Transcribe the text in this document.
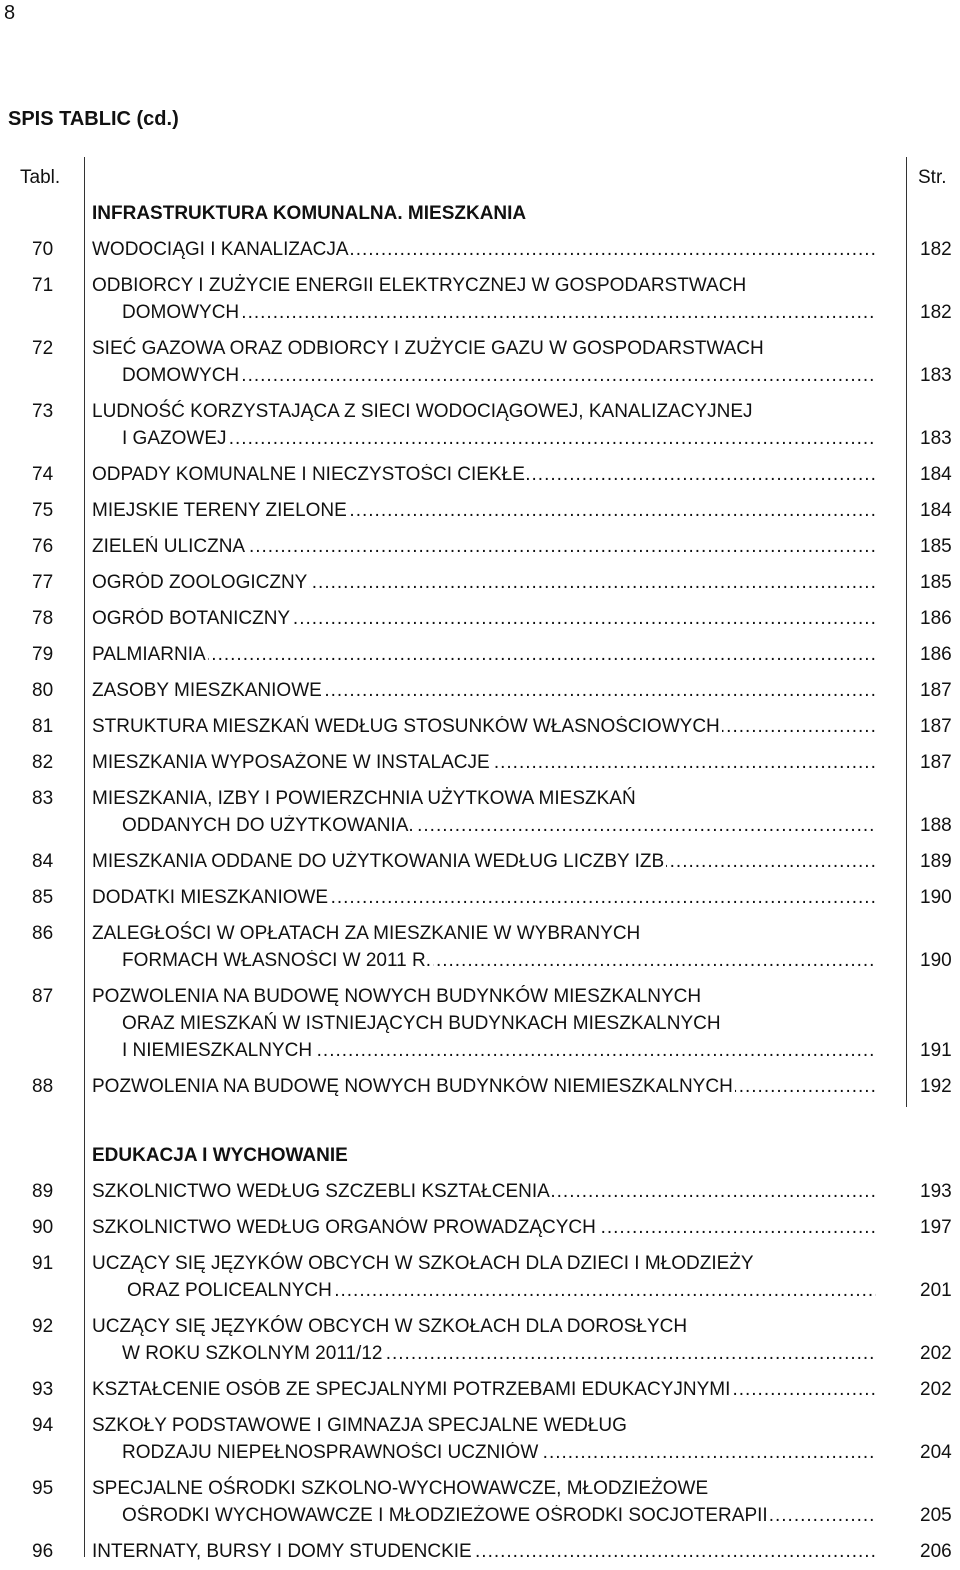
8
SPIS TABLIC (cd.)
Tabl.	Str.
INFRASTRUKTURA KOMUNALNA. MIESZKANIA
70 WODOCIĄGI I KANALIZACJA .....	182
71 ODBIORCY I ZUŻYCIE ENERGII ELEKTRYCZNEJ W GOSPODARSTWACH
DOMOWYCH .....	182
72 SIEĆ GAZOWA ORAZ ODBIORCY I ZUŻYCIE GAZU W GOSPODARSTWACH
DOMOWYCH .....	183
73 LUDNOŚĆ KORZYSTAJĄCA Z SIECI WODOCIĄGOWEJ, KANALIZACYJNEJ
I GAZOWEJ .....	183
74 ODPADY KOMUNALNE I NIECZYSTOŚCI CIEKŁE .....	184
75 MIEJSKIE TERENY ZIELONE .....	184
76 ZIELEŃ ULICZNA .....	185
77 OGRÓD ZOOLOGICZNY .....	185
78 OGRÓD BOTANICZNY .....	186
79 PALMIARNIA .....	186
80 ZASOBY MIESZKANIOWE .....	187
81 STRUKTURA MIESZKAŃ WEDŁUG STOSUNKÓW WŁASNOŚCIOWYCH .....	187
82 MIESZKANIA WYPOSAŻONE W INSTALACJE .....	187
83 MIESZKANIA, IZBY I POWIERZCHNIA UŻYTKOWA MIESZKAŃ
ODDANYCH DO UŻYTKOWANIA. .....	188
84 MIESZKANIA ODDANE DO UŻYTKOWANIA WEDŁUG LICZBY IZB .....	189
85 DODATKI MIESZKANIOWE .....	190
86 ZALEGŁOŚCI W OPŁATACH ZA MIESZKANIE W WYBRANYCH
FORMACH WŁASNOŚCI W 2011 R. .....	190
87 POZWOLENIA NA BUDOWĘ NOWYCH BUDYNKÓW MIESZKALNYCH
ORAZ MIESZKAŃ W ISTNIEJĄCYCH BUDYNKACH MIESZKALNYCH
I NIEMIESZKALNYCH .....	191
88 POZWOLENIA NA BUDOWĘ NOWYCH BUDYNKÓW NIEMIESZKALNYCH .....	192
EDUKACJA I WYCHOWANIE
89 SZKOLNICTWO WEDŁUG SZCZEBLI KSZTAŁCENIA .....	193
90 SZKOLNICTWO WEDŁUG ORGANÓW PROWADZĄCYCH .....	197
91 UCZĄCY SIĘ JĘZYKÓW OBCYCH W SZKOŁACH DLA DZIECI I MŁODZIEŻY
ORAZ POLICEALNYCH .....	201
92 UCZĄCY SIĘ JĘZYKÓW OBCYCH W SZKOŁACH DLA DOROSŁYCH
W ROKU SZKOLNYM 2011/12 .....	202
93 KSZTAŁCENIE OSÓB ZE SPECJALNYMI POTRZEBAMI EDUKACYJNYMI .....	202
94 SZKOŁY PODSTAWOWE I GIMNAZJA SPECJALNE WEDŁUG
RODZAJU NIEPEŁNOSPRAWNOŚCI UCZNIÓW .....	204
95 SPECJALNE OŚRODKI SZKOLNO-WYCHOWAWCZE, MŁODZIEŻOWE
OŚRODKI WYCHOWAWCZE I MŁODZIEŻOWE OŚRODKI SOCJOTERAPII .....	205
96 INTERNATY, BURSY I DOMY STUDENCKIE .....	206
